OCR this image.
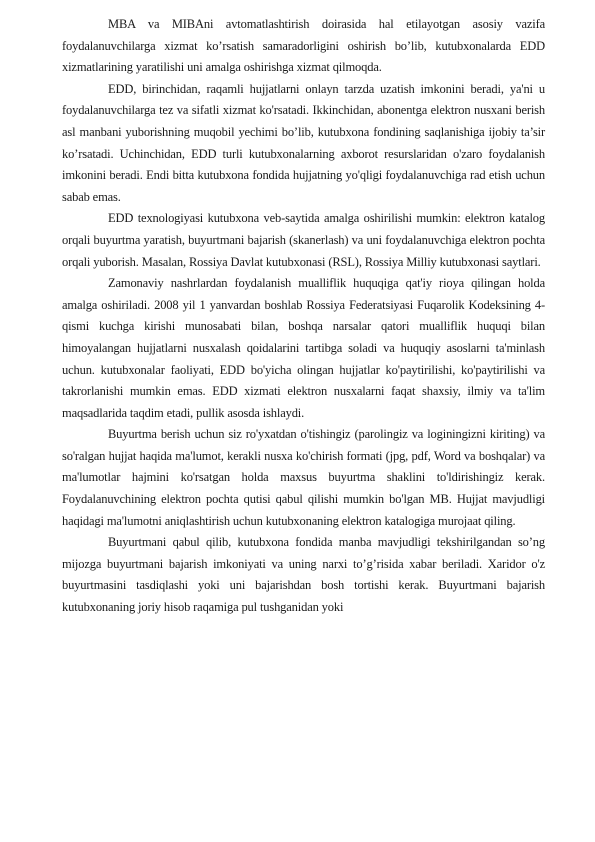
MBA va MIBAni avtomatlashtirish doirasida hal etilayotgan asosiy vazifa foydalanuvchilarga xizmat ko’rsatish samaradorligini oshirish bo’lib, kutubxonalarda EDD xizmatlarining yaratilishi uni amalga oshirishga xizmat qilmoqda.

EDD, birinchidan, raqamli hujjatlarni onlayn tarzda uzatish imkonini beradi, ya'ni u foydalanuvchilarga tez va sifatli xizmat ko'rsatadi. Ikkinchidan, abonentga elektron nusxani berish asl manbani yuborishning muqobil yechimi bo’lib, kutubxona fondining saqlanishiga ijobiy ta’sir ko’rsatadi. Uchinchidan, EDD turli kutubxonalarning axborot resurslaridan o'zaro foydalanish imkonini beradi. Endi bitta kutubxona fondida hujjatning yo'qligi foydalanuvchiga rad etish uchun sabab emas.

EDD texnologiyasi kutubxona veb-saytida amalga oshirilishi mumkin: elektron katalog orqali buyurtma yaratish, buyurtmani bajarish (skanerlash) va uni foydalanuvchiga elektron pochta orqali yuborish. Masalan, Rossiya Davlat kutubxonasi (RSL), Rossiya Milliy kutubxonasi saytlari.

Zamonaviy nashrlardan foydalanish mualliflik huquqiga qat'iy rioya qilingan holda amalga oshiriladi. 2008 yil 1 yanvardan boshlab Rossiya Federatsiyasi Fuqarolik Kodeksining 4-qismi kuchga kirishi munosabati bilan, boshqa narsalar qatori mualliflik huquqi bilan himoyalangan hujjatlarni nusxalash qoidalarini tartibga soladi va huquqiy asoslarni ta'minlash uchun. kutubxonalar faoliyati, EDD bo'yicha olingan hujjatlar ko'paytirilishi, ko'paytirilishi va takrorlanishi mumkin emas. EDD xizmati elektron nusxalarni faqat shaxsiy, ilmiy va ta'lim maqsadlarida taqdim etadi, pullik asosda ishlaydi.

Buyurtma berish uchun siz ro'yxatdan o'tishingiz (parolingiz va loginingizni kiriting) va so'ralgan hujjat haqida ma'lumot, kerakli nusxa ko'chirish formati (jpg, pdf, Word va boshqalar) va ma'lumotlar hajmini ko'rsatgan holda maxsus buyurtma shaklini to'ldirishingiz kerak. Foydalanuvchining elektron pochta qutisi qabul qilishi mumkin bo'lgan MB. Hujjat mavjudligi haqidagi ma'lumotni aniqlashtirish uchun kutubxonaning elektron katalogiga murojaat qiling.

Buyurtmani qabul qilib, kutubxona fondida manba mavjudligi tekshirilgandan so’ng mijozga buyurtmani bajarish imkoniyati va uning narxi to’g’risida xabar beriladi. Xaridor o'z buyurtmasini tasdiqlashi yoki uni bajarishdan bosh tortishi kerak. Buyurtmani bajarish kutubxonaning joriy hisob raqamiga pul tushganidan yoki
